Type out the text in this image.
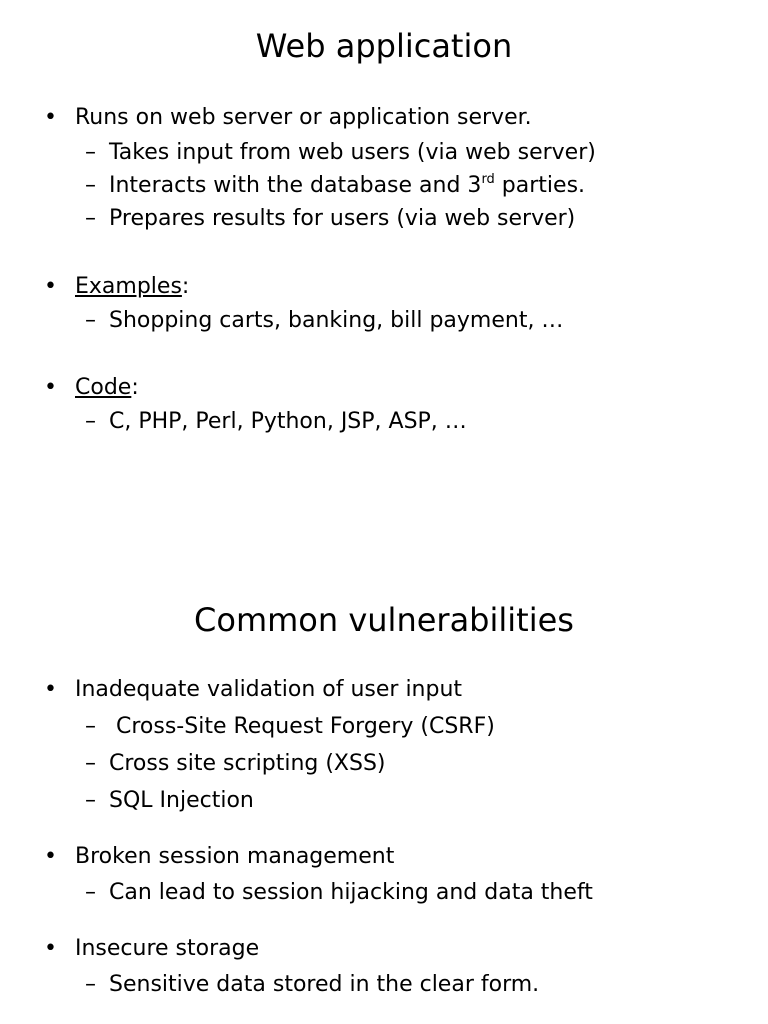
Web application
• Runs on web server or application server.
– Takes input from web users (via web server)
– Interacts with the database and 3rd parties.
– Prepares results for users (via web server)
• Examples:
– Shopping carts, banking, bill payment, …
• Code:
– C, PHP, Perl, Python, JSP, ASP, …
Common vulnerabilities
• Inadequate validation of user input
– Cross-Site Request Forgery (CSRF)
– Cross site scripting (XSS)
– SQL Injection
• Broken session management
– Can lead to session hijacking and data theft
• Insecure storage
– Sensitive data stored in the clear form.
